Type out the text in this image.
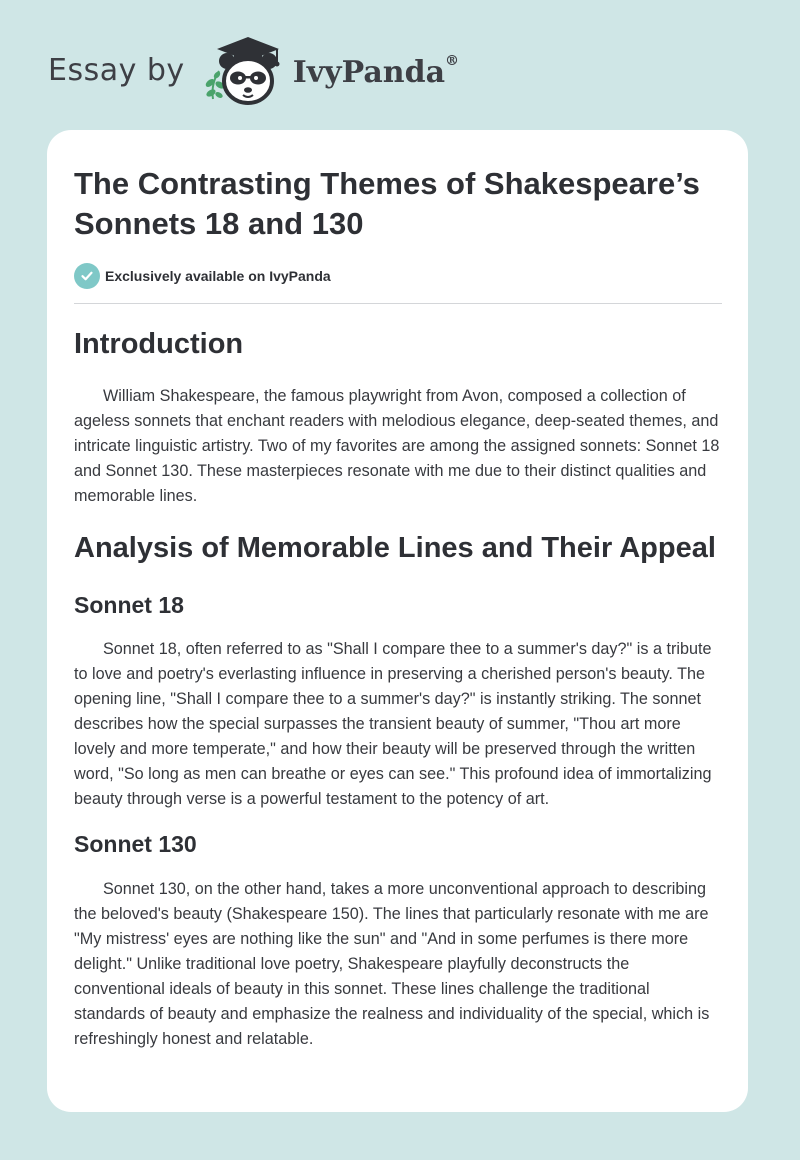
Essay by	IvyPanda®
The Contrasting Themes of Shakespeare’s Sonnets 18 and 130
Exclusively available on IvyPanda
Introduction

William Shakespeare, the famous playwright from Avon, composed a collection of ageless sonnets that enchant readers with melodious elegance, deep-seated themes, and intricate linguistic artistry. Two of my favorites are among the assigned sonnets: Sonnet 18 and Sonnet 130. These masterpieces resonate with me due to their distinct qualities and memorable lines.

Analysis of Memorable Lines and Their Appeal
Sonnet 18

Sonnet 18, often referred to as "Shall I compare thee to a summer's day?" is a tribute to love and poetry's everlasting influence in preserving a cherished person's beauty. The opening line, "Shall I compare thee to a summer's day?" is instantly striking. The sonnet describes how the special surpasses the transient beauty of summer, "Thou art more lovely and more temperate," and how their beauty will be preserved through the written word, "So long as men can breathe or eyes can see." This profound idea of immortalizing beauty through verse is a powerful testament to the potency of art.

Sonnet 130

Sonnet 130, on the other hand, takes a more unconventional approach to describing the beloved's beauty (Shakespeare 150). The lines that particularly resonate with me are "My mistress' eyes are nothing like the sun" and "And in some perfumes is there more delight." Unlike traditional love poetry, Shakespeare playfully deconstructs the conventional ideals of beauty in this sonnet. These lines challenge the traditional standards of beauty and emphasize the realness and individuality of the special, which is refreshingly honest and relatable.
